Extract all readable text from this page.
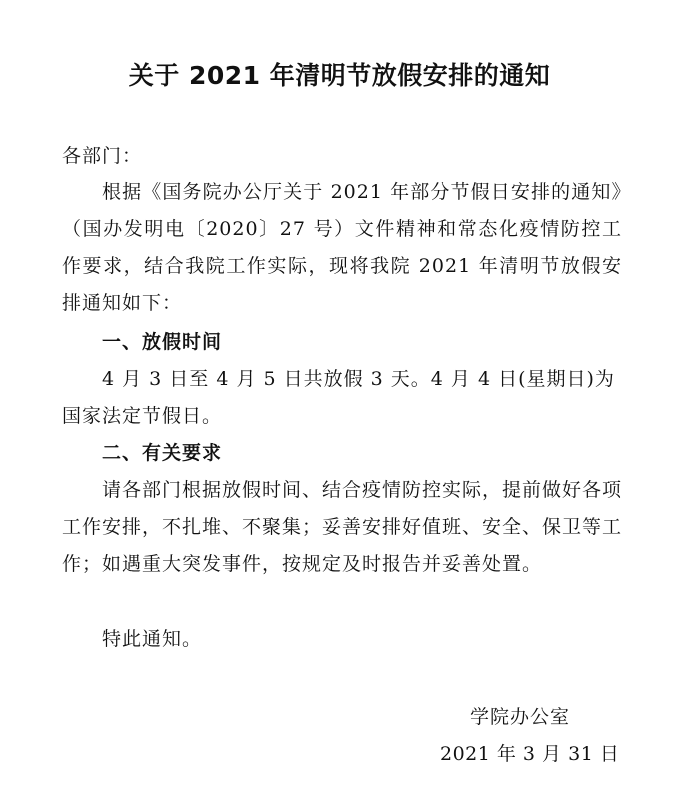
关于 2021 年清明节放假安排的通知
各部门：
根据《国务院办公厅关于 2021 年部分节假日安排的通知》（国办发明电〔2020〕27 号）文件精神和常态化疫情防控工作要求，结合我院工作实际，现将我院 2021 年清明节放假安排通知如下：
一、放假时间
4 月 3 日至 4 月 5 日共放假 3 天。4 月 4 日(星期日)为国家法定节假日。
二、有关要求
请各部门根据放假时间、结合疫情防控实际，提前做好各项工作安排，不扎堆、不聚集；妥善安排好值班、安全、保卫等工作；如遇重大突发事件，按规定及时报告并妥善处置。
特此通知。
学院办公室
2021 年 3 月 31 日
